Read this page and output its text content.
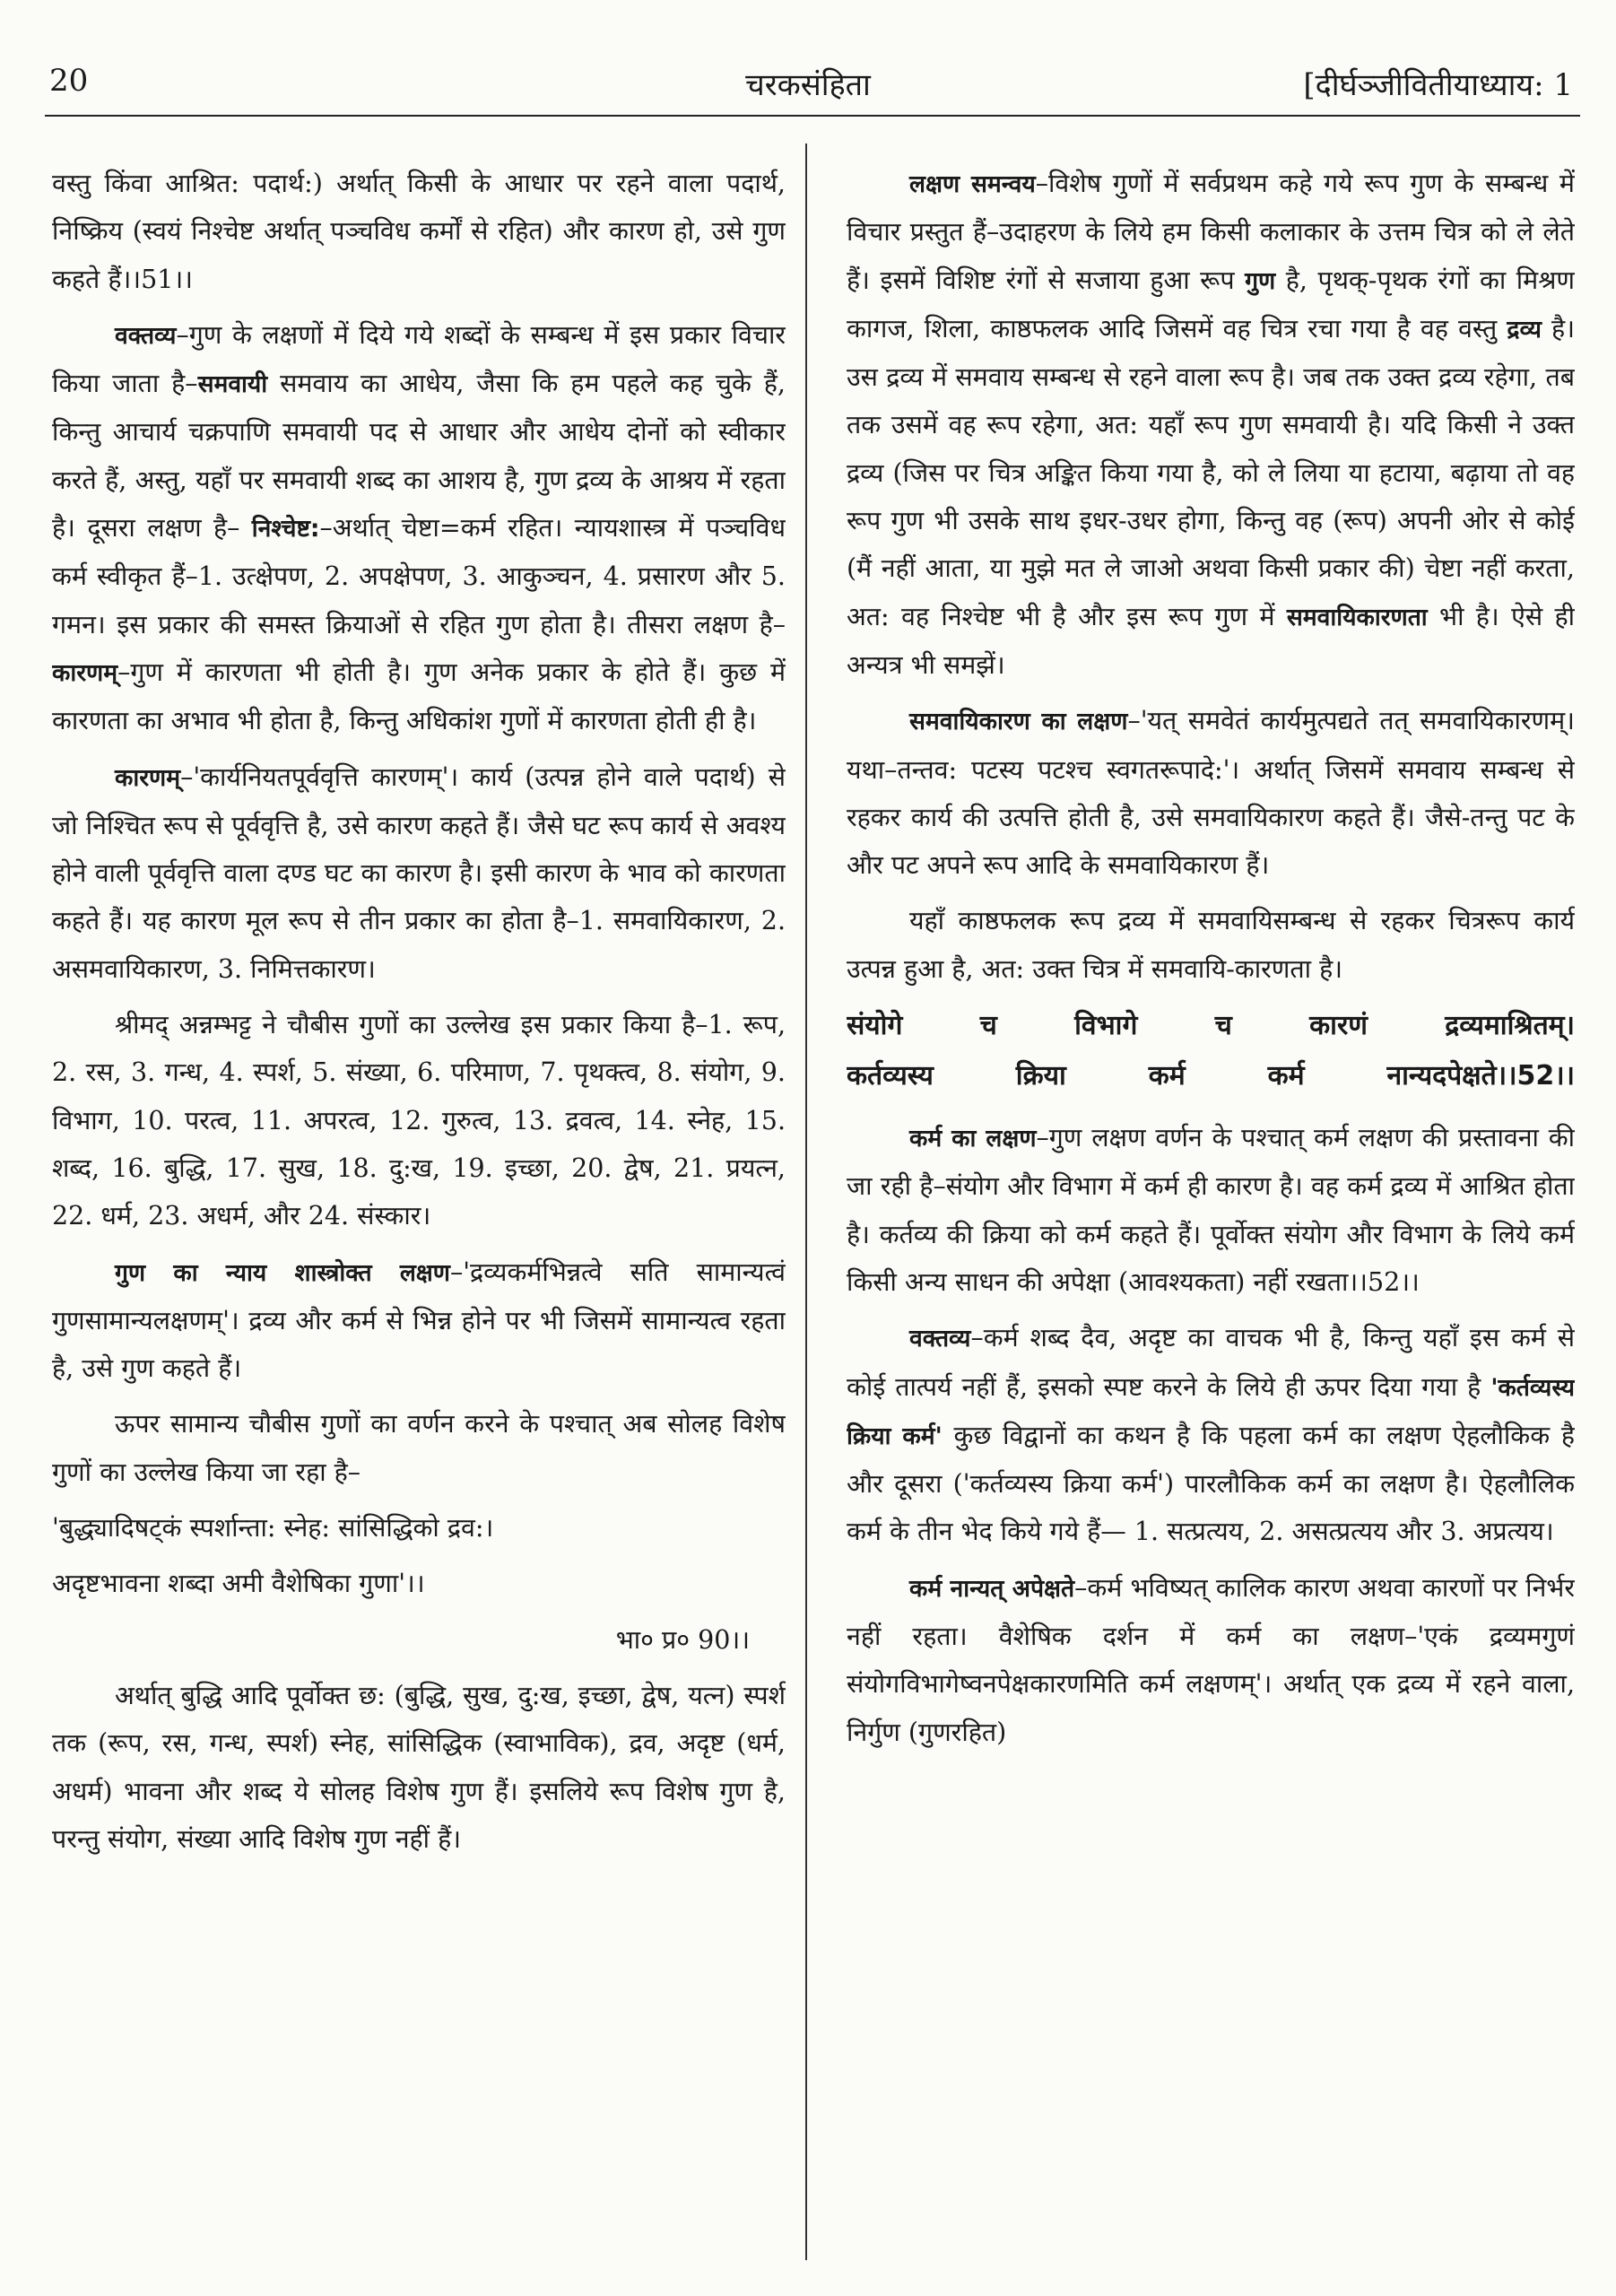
चरकसंहिता
20	[दीर्घञ्जीवितीयाध्याय: 1

वस्तु किंवा आश्रित: पदार्थ:) अर्थात् किसी के आधार पर रहने वाला पदार्थ, निष्क्रिय (स्वयं निश्चेष्ट अर्थात् पञ्चविध कर्मों से रहित) और कारण हो, उसे गुण कहते हैं।।51।।

वक्तव्य–गुण के लक्षणों में दिये गये शब्दों के सम्बन्ध में इस प्रकार विचार किया जाता है–समवायी समवाय का आधेय, जैसा कि हम पहले कह चुके हैं, किन्तु आचार्य चक्रपाणि समवायी पद से आधार और आधेय दोनों को स्वीकार करते हैं, अस्तु, यहाँ पर समवायी शब्द का आशय है, गुण द्रव्य के आश्रय में रहता है। दूसरा लक्षण है– निश्चेष्ट:–अर्थात् चेष्टा=कर्म रहित। न्यायशास्त्र में पञ्चविध कर्म स्वीकृत हैं–1. उत्क्षेपण, 2. अपक्षेपण, 3. आकुञ्चन, 4. प्रसारण और 5. गमन। इस प्रकार की समस्त क्रियाओं से रहित गुण होता है। तीसरा लक्षण है–कारणम्–गुण में कारणता भी होती है। गुण अनेक प्रकार के होते हैं। कुछ में कारणता का अभाव भी होता है, किन्तु अधिकांश गुणों में कारणता होती ही है।

कारणम्–'कार्यनियतपूर्ववृत्ति कारणम्'। कार्य (उत्पन्न होने वाले पदार्थ) से जो निश्चित रूप से पूर्ववृत्ति है, उसे कारण कहते हैं। जैसे घट रूप कार्य से अवश्य होने वाली पूर्ववृत्ति वाला दण्ड घट का कारण है। इसी कारण के भाव को कारणता कहते हैं। यह कारण मूल रूप से तीन प्रकार का होता है–1. समवायिकारण, 2. असमवायिकारण, 3. निमित्तकारण।

श्रीमद् अन्नम्भट्ट ने चौबीस गुणों का उल्लेख इस प्रकार किया है–1. रूप, 2. रस, 3. गन्ध, 4. स्पर्श, 5. संख्या, 6. परिमाण, 7. पृथक्त्व, 8. संयोग, 9. विभाग, 10. परत्व, 11. अपरत्व, 12. गुरुत्व, 13. द्रवत्व, 14. स्नेह, 15. शब्द, 16. बुद्धि, 17. सुख, 18. दु:ख, 19. इच्छा, 20. द्वेष, 21. प्रयत्न, 22. धर्म, 23. अधर्म, और 24. संस्कार।

गुण का न्याय शास्त्रोक्त लक्षण–'द्रव्यकर्मभिन्नत्वे सति सामान्यत्वं गुणसामान्यलक्षणम्'। द्रव्य और कर्म से भिन्न होने पर भी जिसमें सामान्यत्व रहता है, उसे गुण कहते हैं।

ऊपर सामान्य चौबीस गुणों का वर्णन करने के पश्चात् अब सोलह विशेष गुणों का उल्लेख किया जा रहा है–

'बुद्ध्यादिषट्कं स्पर्शान्ता: स्नेह: सांसिद्धिको द्रव:।

अदृष्टभावना शब्दा अमी वैशेषिका गुणा'।।

भा० प्र० 90।।

अर्थात् बुद्धि आदि पूर्वोक्त छ: (बुद्धि, सुख, दु:ख, इच्छा, द्वेष, यत्न) स्पर्श तक (रूप, रस, गन्ध, स्पर्श) स्नेह, सांसिद्धिक (स्वाभाविक), द्रव, अदृष्ट (धर्म, अधर्म) भावना और शब्द ये सोलह विशेष गुण हैं। इसलिये रूप विशेष गुण है, परन्तु संयोग, संख्या आदि विशेष गुण नहीं हैं।

लक्षण समन्वय–विशेष गुणों में सर्वप्रथम कहे गये रूप गुण के सम्बन्ध में विचार प्रस्तुत हैं–उदाहरण के लिये हम किसी कलाकार के उत्तम चित्र को ले लेते हैं। इसमें विशिष्ट रंगों से सजाया हुआ रूप गुण है, पृथक्-पृथक रंगों का मिश्रण कागज, शिला, काष्ठफलक आदि जिसमें वह चित्र रचा गया है वह वस्तु द्रव्य है। उस द्रव्य में समवाय सम्बन्ध से रहने वाला रूप है। जब तक उक्त द्रव्य रहेगा, तब तक उसमें वह रूप रहेगा, अत: यहाँ रूप गुण समवायी है। यदि किसी ने उक्त द्रव्य (जिस पर चित्र अङ्कित किया गया है, को ले लिया या हटाया, बढ़ाया तो वह रूप गुण भी उसके साथ इधर-उधर होगा, किन्तु वह (रूप) अपनी ओर से कोई (मैं नहीं आता, या मुझे मत ले जाओ अथवा किसी प्रकार की) चेष्टा नहीं करता, अत: वह निश्चेष्ट भी है और इस रूप गुण में समवायिकारणता भी है। ऐसे ही अन्यत्र भी समझें।

समवायिकारण का लक्षण–'यत् समवेतं कार्यमुत्पद्यते तत् समवायिकारणम्। यथा–तन्तव: पटस्य पटश्च स्वगतरूपादे:'। अर्थात् जिसमें समवाय सम्बन्ध से रहकर कार्य की उत्पत्ति होती है, उसे समवायिकारण कहते हैं। जैसे-तन्तु पट के और पट अपने रूप आदि के समवायिकारण हैं।

यहाँ काष्ठफलक रूप द्रव्य में समवायिसम्बन्ध से रहकर चित्ररूप कार्य उत्पन्न हुआ है, अत: उक्त चित्र में समवायि-कारणता है।

संयोगे च विभागे च कारणं द्रव्यमाश्रितम्।
कर्तव्यस्य क्रिया कर्म कर्म नान्यदपेक्षते।।52।।

कर्म का लक्षण–गुण लक्षण वर्णन के पश्चात् कर्म लक्षण की प्रस्तावना की जा रही है–संयोग और विभाग में कर्म ही कारण है। वह कर्म द्रव्य में आश्रित होता है। कर्तव्य की क्रिया को कर्म कहते हैं। पूर्वोक्त संयोग और विभाग के लिये कर्म किसी अन्य साधन की अपेक्षा (आवश्यकता) नहीं रखता।।52।।

वक्तव्य–कर्म शब्द दैव, अदृष्ट का वाचक भी है, किन्तु यहाँ इस कर्म से कोई तात्पर्य नहीं हैं, इसको स्पष्ट करने के लिये ही ऊपर दिया गया है 'कर्तव्यस्य क्रिया कर्म' कुछ विद्वानों का कथन है कि पहला कर्म का लक्षण ऐहलौकिक है और दूसरा ('कर्तव्यस्य क्रिया कर्म') पारलौकिक कर्म का लक्षण है। ऐहलौलिक कर्म के तीन भेद किये गये हैं— 1. सत्प्रत्यय, 2. असत्प्रत्यय और 3. अप्रत्यय।

कर्म नान्यत् अपेक्षते–कर्म भविष्यत् कालिक कारण अथवा कारणों पर निर्भर नहीं रहता। वैशेषिक दर्शन में कर्म का लक्षण–'एकं द्रव्यमगुणं संयोगविभागेष्वनपेक्षकारणमिति कर्म लक्षणम्'। अर्थात् एक द्रव्य में रहने वाला, निर्गुण (गुणरहित)
